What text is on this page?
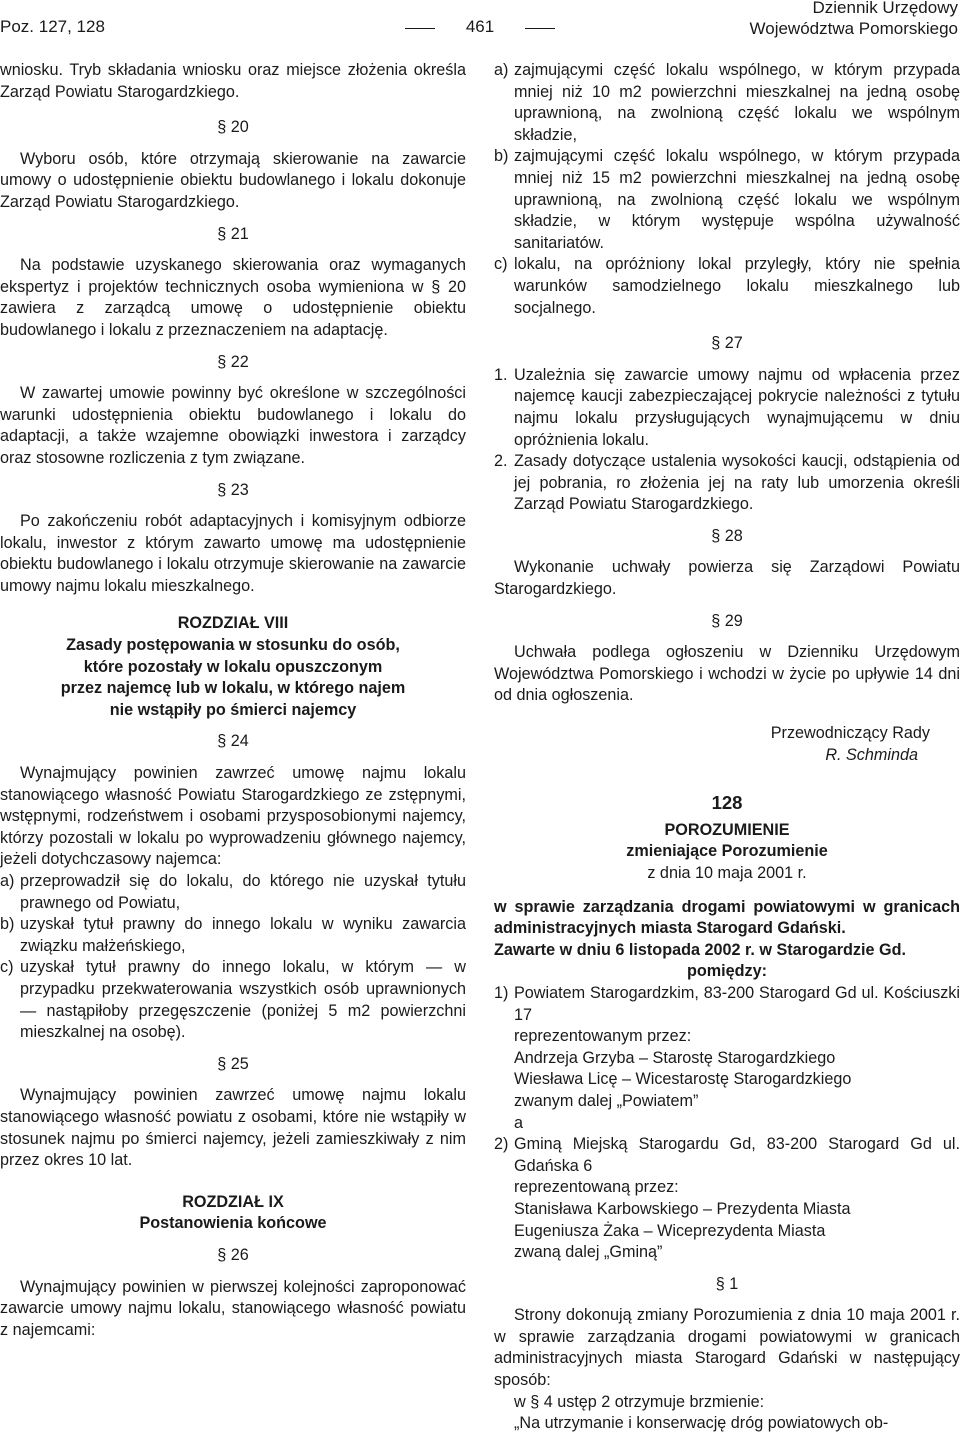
Poz. 127, 128	461
Dziennik Urzędowy
Województwa Pomorskiego

wniosku. Tryb składania wniosku oraz miejsce złożenia określa Zarząd Powiatu Starogardzkiego.

§ 20

Wyboru osób, które otrzymają skierowanie na zawarcie umowy o udostępnienie obiektu budowlanego i lokalu dokonuje Zarząd Powiatu Starogardzkiego.

§ 21

Na podstawie uzyskanego skierowania oraz wymaganych ekspertyz i projektów technicznych osoba wymieniona w § 20 zawiera z zarządcą umowę o udostępnienie obiektu budowlanego i lokalu z przeznaczeniem na adaptację.

§ 22

W zawartej umowie powinny być określone w szczególności warunki udostępnienia obiektu budowlanego i lokalu do adaptacji, a także wzajemne obowiązki inwestora i zarządcy oraz stosowne rozliczenia z tym związane.

§ 23

Po zakończeniu robót adaptacyjnych i komisyjnym odbiorze lokalu, inwestor z którym zawarto umowę ma udostępnienie obiektu budowlanego i lokalu otrzymuje skierowanie na zawarcie umowy najmu lokalu mieszkalnego.

ROZDZIAŁ VIII
Zasady postępowania w stosunku do osób,
które pozostały w lokalu opuszczonym
przez najemcę lub w lokalu, w którego najem
nie wstąpiły po śmierci najemcy
§ 24

Wynajmujący powinien zawrzeć umowę najmu lokalu stanowiącego własność Powiatu Starogardzkiego ze zstępnymi, wstępnymi, rodzeństwem i osobami przysposobionymi najemcy, którzy pozostali w lokalu po wyprowadzeniu głównego najemcy, jeżeli dotychczasowy najemca:

a) przeprowadził się do lokalu, do którego nie uzyskał tytułu prawnego od Powiatu,
b) uzyskał tytuł prawny do innego lokalu w wyniku zawarcia związku małżeńskiego,
c) uzyskał tytuł prawny do innego lokalu, w którym — w przypadku przekwaterowania wszystkich osób uprawnionych — nastąpiłoby przegęszczenie (poniżej 5 m2 powierzchni mieszkalnej na osobę).
§ 25

Wynajmujący powinien zawrzeć umowę najmu lokalu stanowiącego własność powiatu z osobami, które nie wstąpiły w stosunek najmu po śmierci najemcy, jeżeli zamieszkiwały z nim przez okres 10 lat.

ROZDZIAŁ IX
Postanowienia końcowe
§ 26

Wynajmujący powinien w pierwszej kolejności zaproponować zawarcie umowy najmu lokalu, stanowiącego własność powiatu z najemcami:

a) zajmującymi część lokalu wspólnego, w którym przypada mniej niż 10 m2 powierzchni mieszkalnej na jedną osobę uprawnioną, na zwolnioną część lokalu we wspólnym składzie,
b) zajmującymi część lokalu wspólnego, w którym przypada mniej niż 15 m2 powierzchni mieszkalnej na jedną osobę uprawnioną, na zwolnioną część lokalu we wspólnym składzie, w którym występuje wspólna używalność sanitariatów.
c) lokalu, na opróżniony lokal przyległy, który nie spełnia warunków samodzielnego lokalu mieszkalnego lub socjalnego.
§ 27
1. Uzależnia się zawarcie umowy najmu od wpłacenia przez najemcę kaucji zabezpieczającej pokrycie należności z tytułu najmu lokalu przysługujących wynajmującemu w dniu opróżnienia lokalu.
2. Zasady dotyczące ustalenia wysokości kaucji, odstąpienia od jej pobrania, ro złożenia jej na raty lub umorzenia określi Zarząd Powiatu Starogardzkiego.
§ 28

Wykonanie uchwały powierza się Zarządowi Powiatu Starogardzkiego.

§ 29

Uchwała podlega ogłoszeniu w Dzienniku Urzędowym Województwa Pomorskiego i wchodzi w życie po upływie 14 dni od dnia ogłoszenia.

Przewodniczący Rady
R. Schminda
128
POROZUMIENIE
zmieniające Porozumienie
z dnia 10 maja 2001 r.

w sprawie zarządzania drogami powiatowymi w granicach administracyjnych miasta Starogard Gdański.

Zawarte w dniu 6 listopada 2002 r. w Starogardzie Gd.

pomiędzy:
1) Powiatem Starogardzkim, 83-200 Starogard Gd ul. Kościuszki 17
reprezentowanym przez:
Andrzeja Grzyba – Starostę Starogardzkiego
Wiesława Licę – Wicestarostę Starogardzkiego
zwanym dalej „Powiatem”
a
2) Gminą Miejską Starogardu Gd, 83-200 Starogard Gd ul. Gdańska 6
reprezentowaną przez:
Stanisława Karbowskiego – Prezydenta Miasta
Eugeniusza Żaka – Wiceprezydenta Miasta
zwaną dalej „Gminą”
§ 1

Strony dokonują zmiany Porozumienia z dnia 10 maja 2001 r. w sprawie zarządzania drogami powiatowymi w granicach administracyjnych miasta Starogard Gdański w następujący sposób:

w § 4 ustęp 2 otrzymuje brzmienie:

„Na utrzymanie i konserwację dróg powiatowych ob-
